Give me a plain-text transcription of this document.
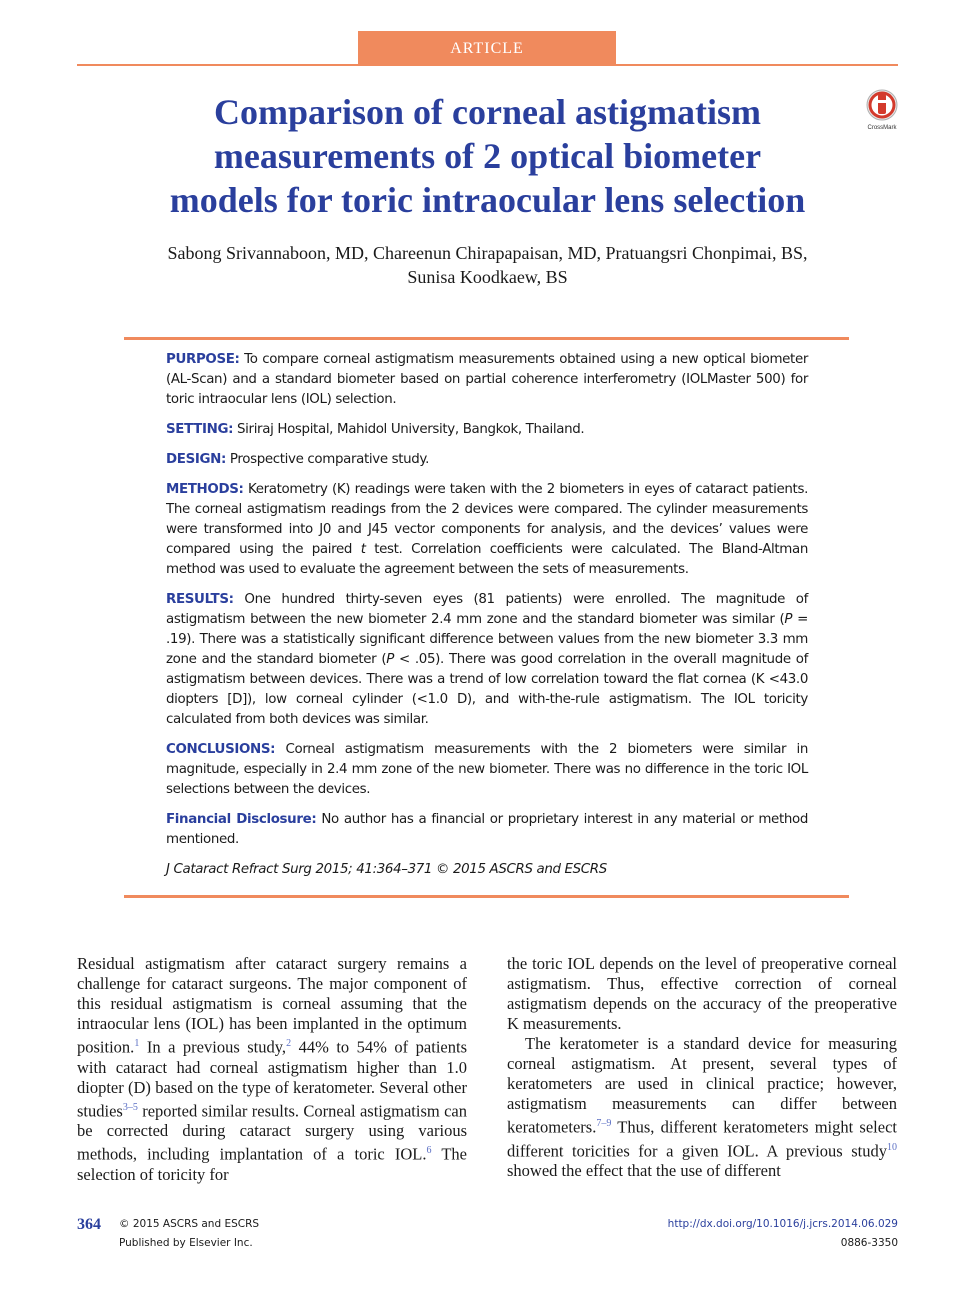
ARTICLE
Comparison of corneal astigmatism
measurements of 2 optical biometer
models for toric intraocular lens selection
CrossMark
Sabong Srivannaboon, MD, Chareenun Chirapapaisan, MD, Pratuangsri Chonpimai, BS,
Sunisa Koodkaew, BS

PURPOSE: To compare corneal astigmatism measurements obtained using a new optical biometer (AL-Scan) and a standard biometer based on partial coherence interferometry (IOLMaster 500) for toric intraocular lens (IOL) selection.

SETTING: Siriraj Hospital, Mahidol University, Bangkok, Thailand.

DESIGN: Prospective comparative study.

METHODS: Keratometry (K) readings were taken with the 2 biometers in eyes of cataract patients. The corneal astigmatism readings from the 2 devices were compared. The cylinder measurements were transformed into J0 and J45 vector components for analysis, and the devices’ values were compared using the paired t test. Correlation coefficients were calculated. The Bland-Altman method was used to evaluate the agreement between the sets of measurements.

RESULTS: One hundred thirty-seven eyes (81 patients) were enrolled. The magnitude of astigmatism between the new biometer 2.4 mm zone and the standard biometer was similar (P = .19). There was a statistically significant difference between values from the new biometer 3.3 mm zone and the standard biometer (P < .05). There was good correlation in the overall magnitude of astigmatism between devices. There was a trend of low correlation toward the flat cornea (K <43.0 diopters [D]), low corneal cylinder (<1.0 D), and with-the-rule astigmatism. The IOL toricity calculated from both devices was similar.

CONCLUSIONS: Corneal astigmatism measurements with the 2 biometers were similar in magnitude, especially in 2.4 mm zone of the new biometer. There was no difference in the toric IOL selections between the devices.

Financial Disclosure: No author has a financial or proprietary interest in any material or method mentioned.

J Cataract Refract Surg 2015; 41:364–371 © 2015 ASCRS and ESCRS

Residual astigmatism after cataract surgery remains a challenge for cataract surgeons. The major component of this residual astigmatism is corneal assuming that the intraocular lens (IOL) has been implanted in the optimum position.$^1$ In a previous study,$^2$ 44% to 54% of patients with cataract had corneal astigmatism higher than 1.0 diopter (D) based on the type of keratometer. Several other studies$^{3-5}$ reported similar results. Corneal astigmatism can be corrected during cataract surgery using various methods, including implantation of a toric IOL.$^6$ The selection of toricity for

the toric IOL depends on the level of preoperative corneal astigmatism. Thus, effective correction of corneal astigmatism depends on the accuracy of the preoperative K measurements.

The keratometer is a standard device for measuring corneal astigmatism. At present, several types of keratometers are used in clinical practice; however, astigmatism measurements can differ between keratometers.$^{7-9}$ Thus, different keratometers might select different toricities for a given IOL. A previous study$^{10}$ showed the effect that the use of different

364 © 2015 ASCRS and ESCRS
Published by Elsevier Inc.
http://dx.doi.org/10.1016/j.jcrs.2014.06.029
0886-3350
